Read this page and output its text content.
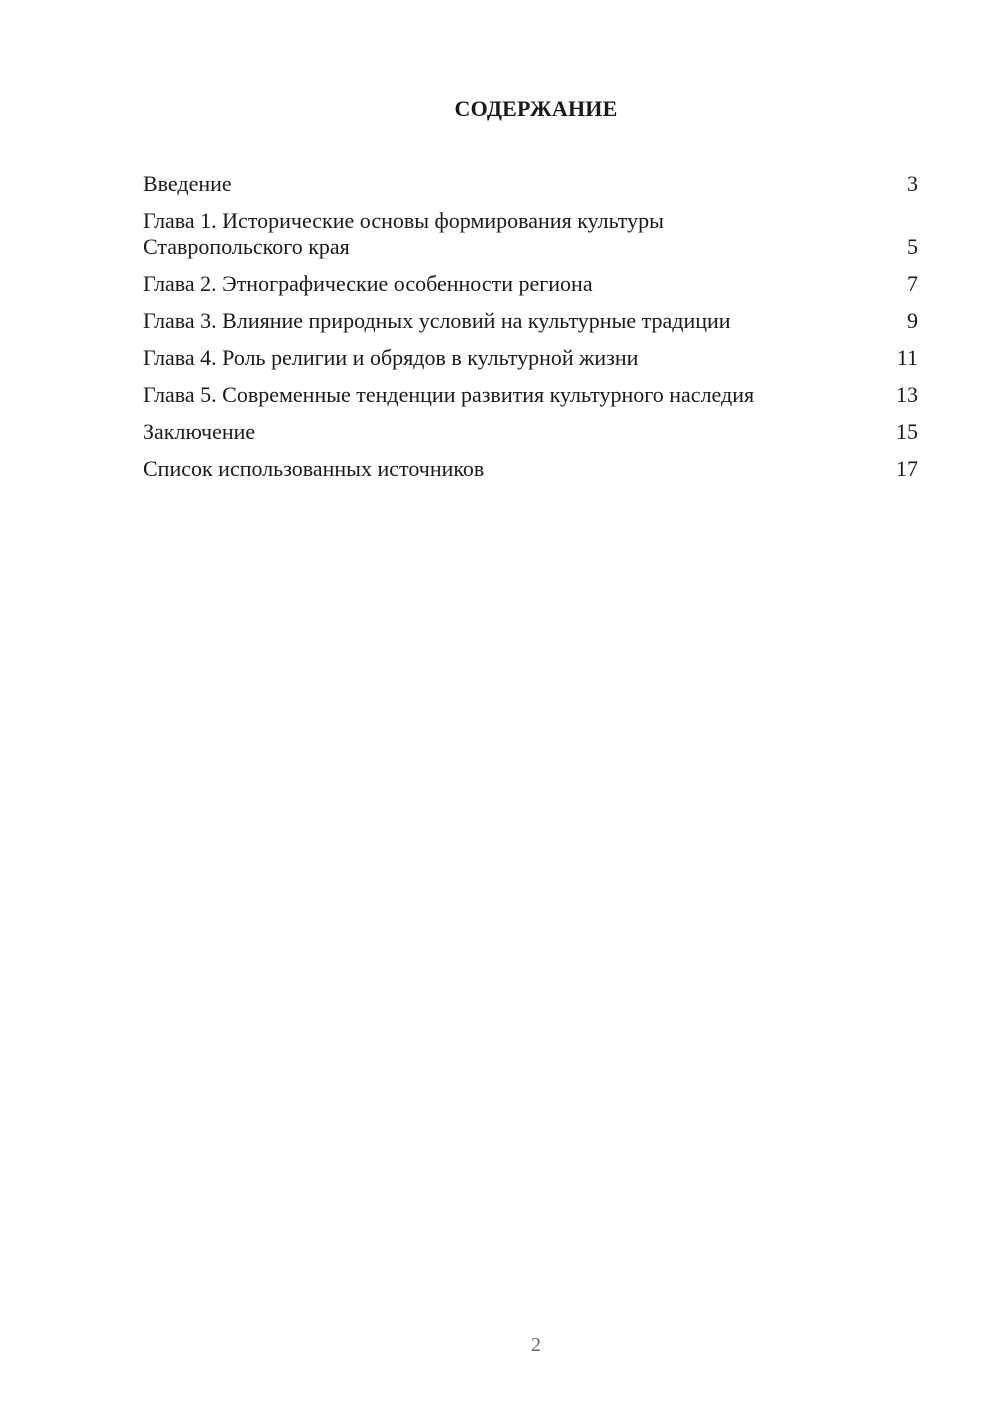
СОДЕРЖАНИЕ
Введение	3
Глава 1. Исторические основы формирования культуры Ставропольского края	5
Глава 2. Этнографические особенности региона	7
Глава 3. Влияние природных условий на культурные традиции	9
Глава 4. Роль религии и обрядов в культурной жизни	11
Глава 5. Современные тенденции развития культурного наследия	13
Заключение	15
Список использованных источников	17
2
